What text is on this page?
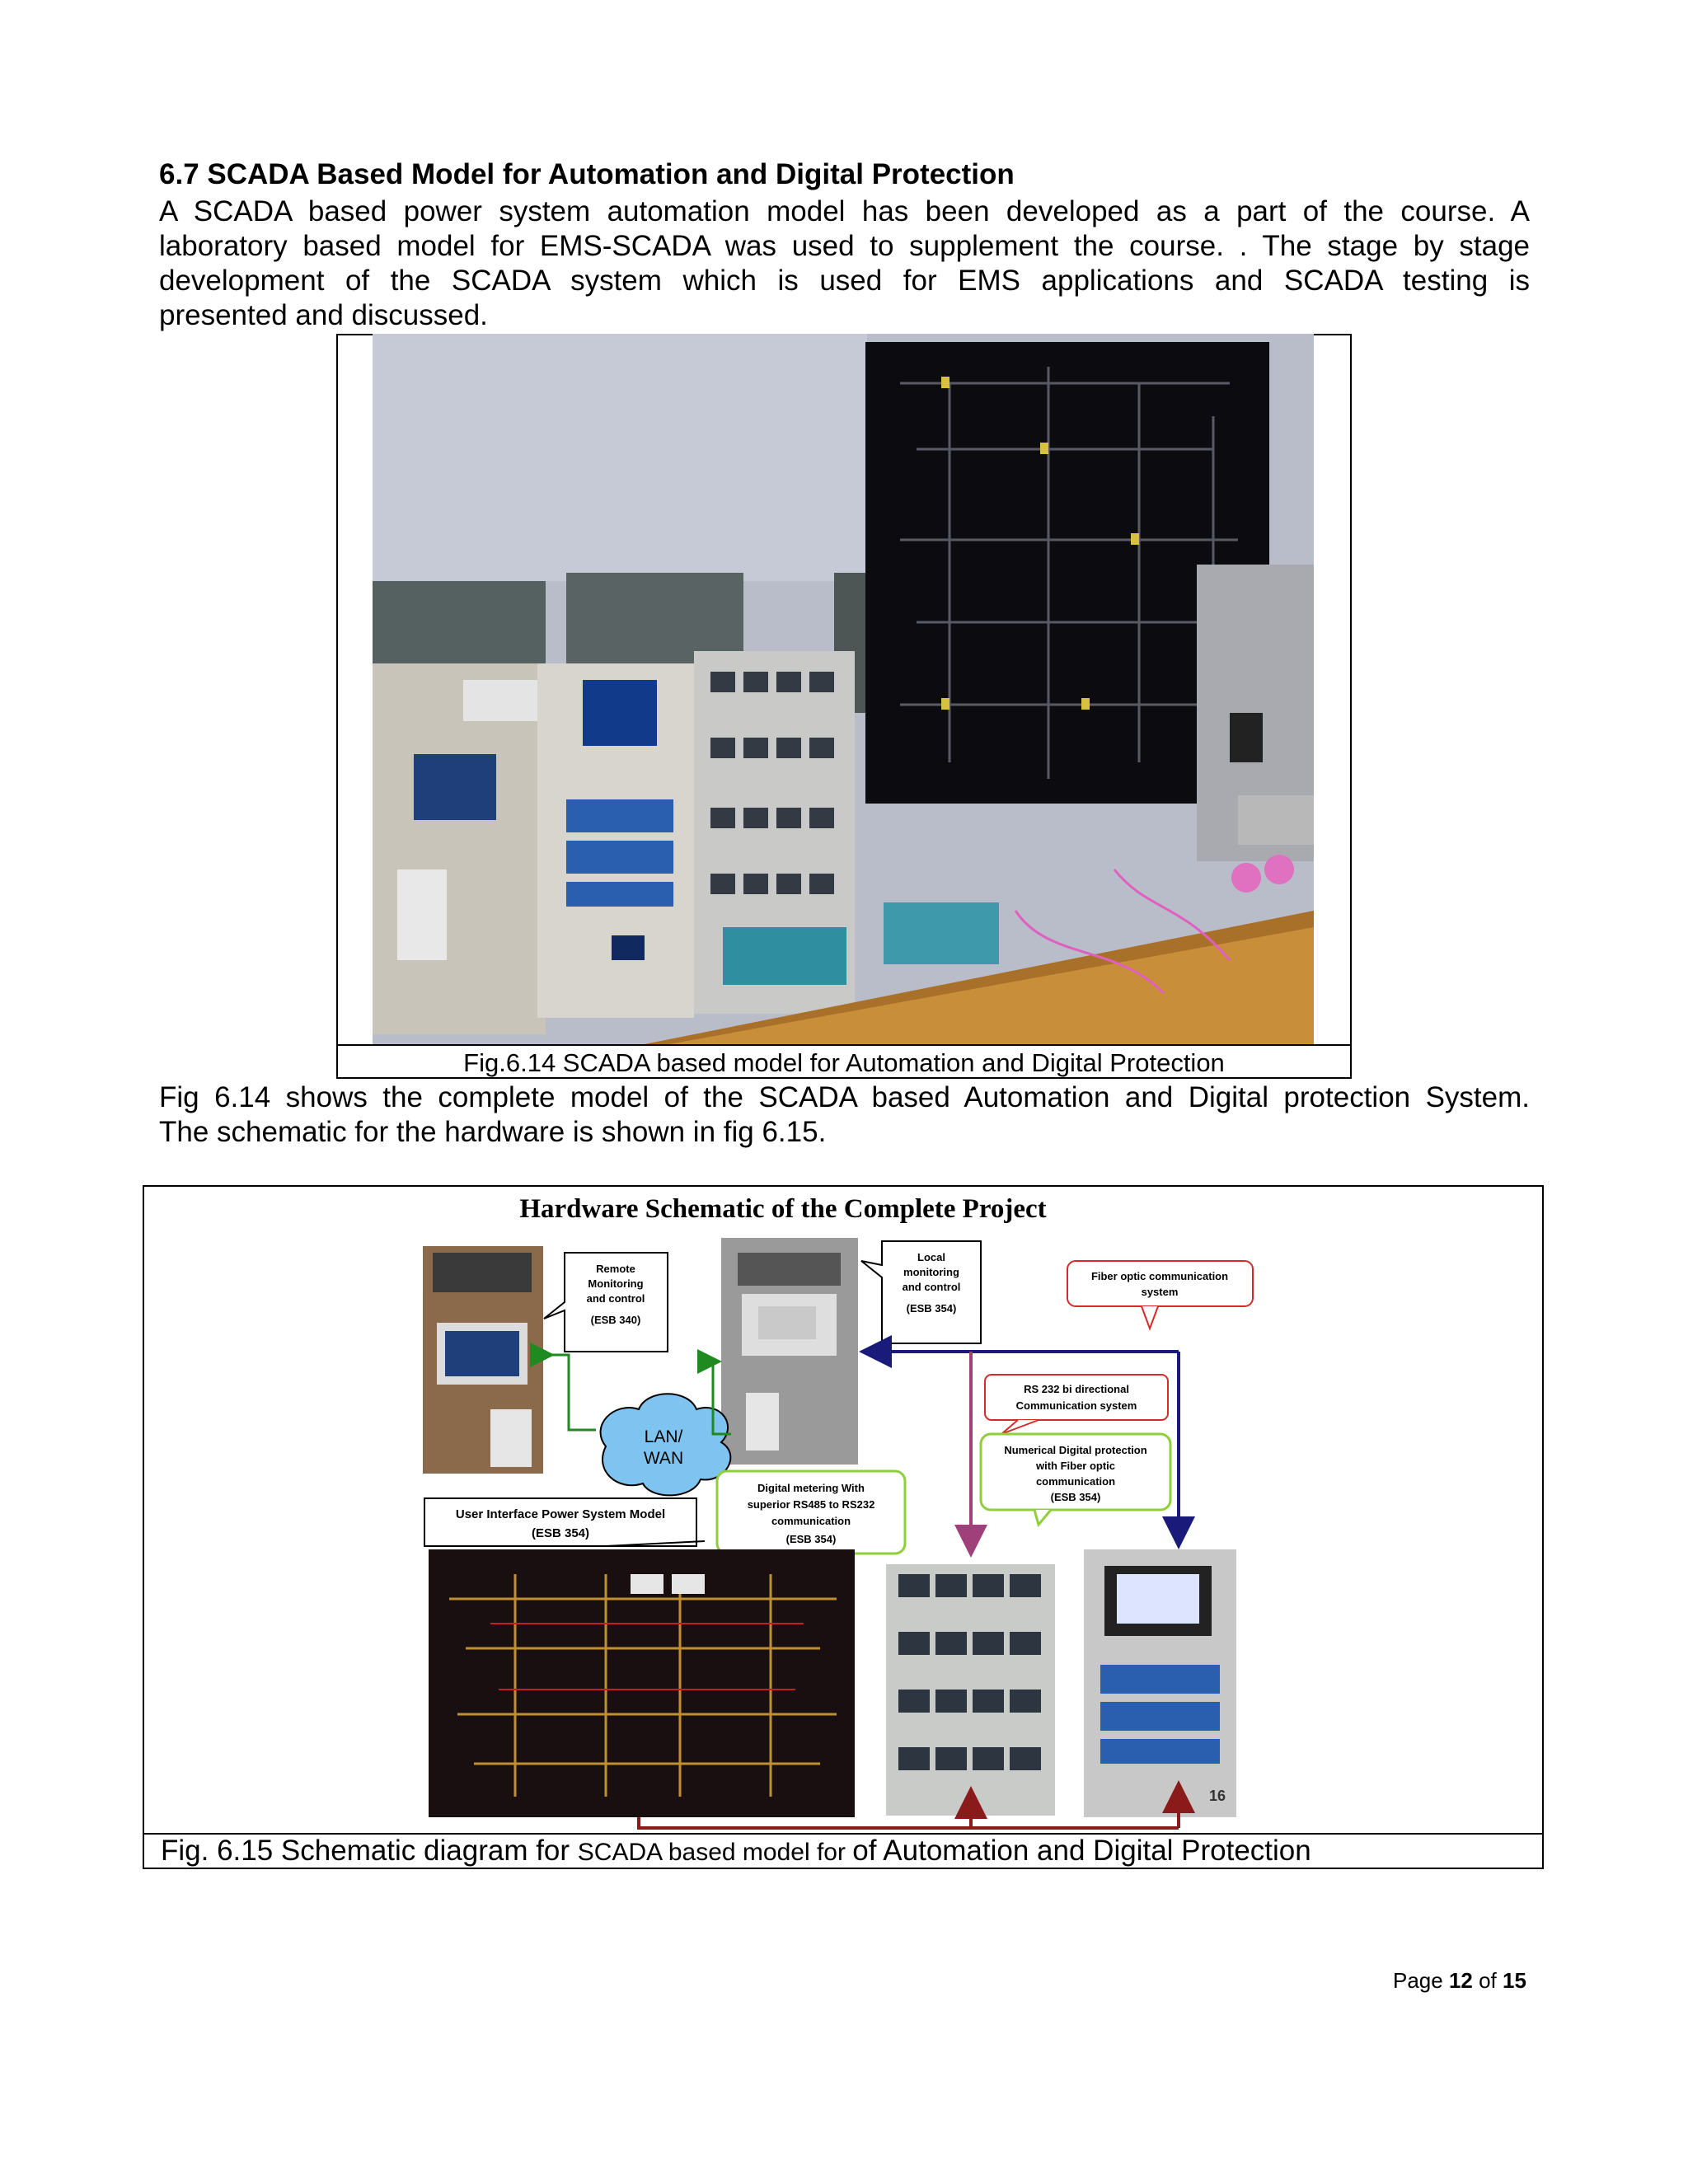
6.7 SCADA Based Model for Automation and Digital Protection
A SCADA based power system automation model has been developed as a part of the course. A
laboratory based model for EMS-SCADA was used to supplement the course. . The stage by stage
development of the SCADA system which is used for EMS applications and SCADA testing is
presented and discussed.
Fig.6.14 SCADA based model for Automation and Digital Protection
Fig 6.14 shows the complete model of the SCADA based Automation and Digital protection System.
The schematic for the hardware is shown in fig 6.15.
Hardware Schematic of the Complete Project
Remote
Monitoring
and control
(ESB 340)
Local
monitoring
and control
(ESB 354)
Fiber optic communication
system
LAN/
WAN
RS 232 bi directional
Communication system
Numerical Digital protection
with Fiber optic
communication
(ESB 354)
Digital metering With
superior RS485 to RS232
communication
(ESB 354)
User Interface Power System Model
(ESB 354)
16
Fig. 6.15 Schematic diagram for SCADA based model for of Automation and Digital Protection
Page 12 of 15
